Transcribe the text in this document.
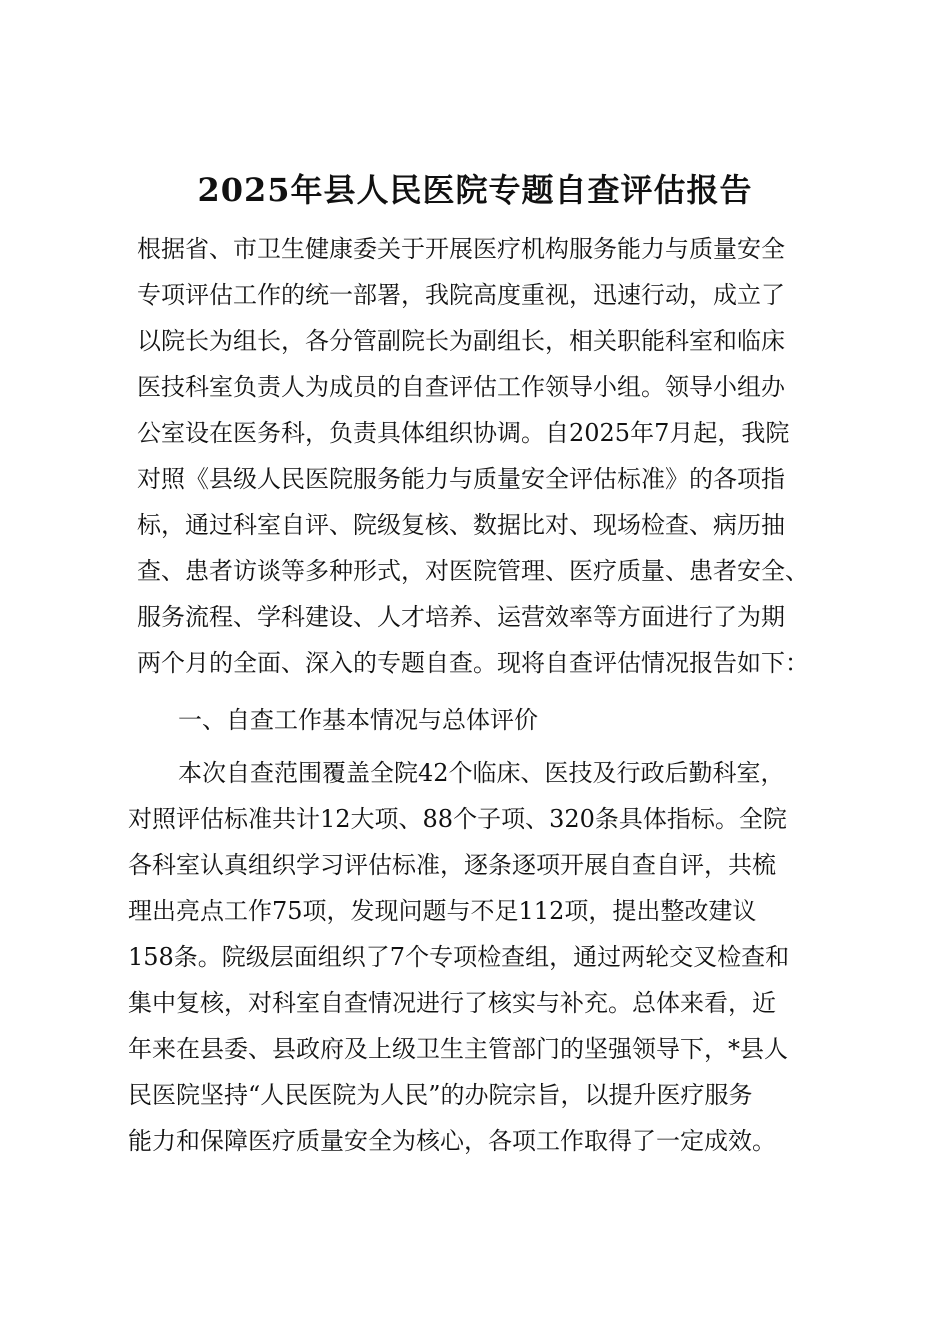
2025年县人民医院专题自查评估报告
根据省、市卫生健康委关于开展医疗机构服务能力与质量安全
专项评估工作的统一部署，我院高度重视，迅速行动，成立了
以院长为组长，各分管副院长为副组长，相关职能科室和临床
医技科室负责人为成员的自查评估工作领导小组。领导小组办
公室设在医务科，负责具体组织协调。自2025年7月起，我院
对照《县级人民医院服务能力与质量安全评估标准》的各项指
标，通过科室自评、院级复核、数据比对、现场检查、病历抽
查、患者访谈等多种形式，对医院管理、医疗质量、患者安全、
服务流程、学科建设、人才培养、运营效率等方面进行了为期
两个月的全面、深入的专题自查。现将自查评估情况报告如下：
一、自查工作基本情况与总体评价
本次自查范围覆盖全院42个临床、医技及行政后勤科室，
对照评估标准共计12大项、88个子项、320条具体指标。全院
各科室认真组织学习评估标准，逐条逐项开展自查自评，共梳
理出亮点工作75项，发现问题与不足112项，提出整改建议
158条。院级层面组织了7个专项检查组，通过两轮交叉检查和
集中复核，对科室自查情况进行了核实与补充。总体来看，近
年来在县委、县政府及上级卫生主管部门的坚强领导下，*县人
民医院坚持“人民医院为人民”的办院宗旨，以提升医疗服务
能力和保障医疗质量安全为核心，各项工作取得了一定成效。
